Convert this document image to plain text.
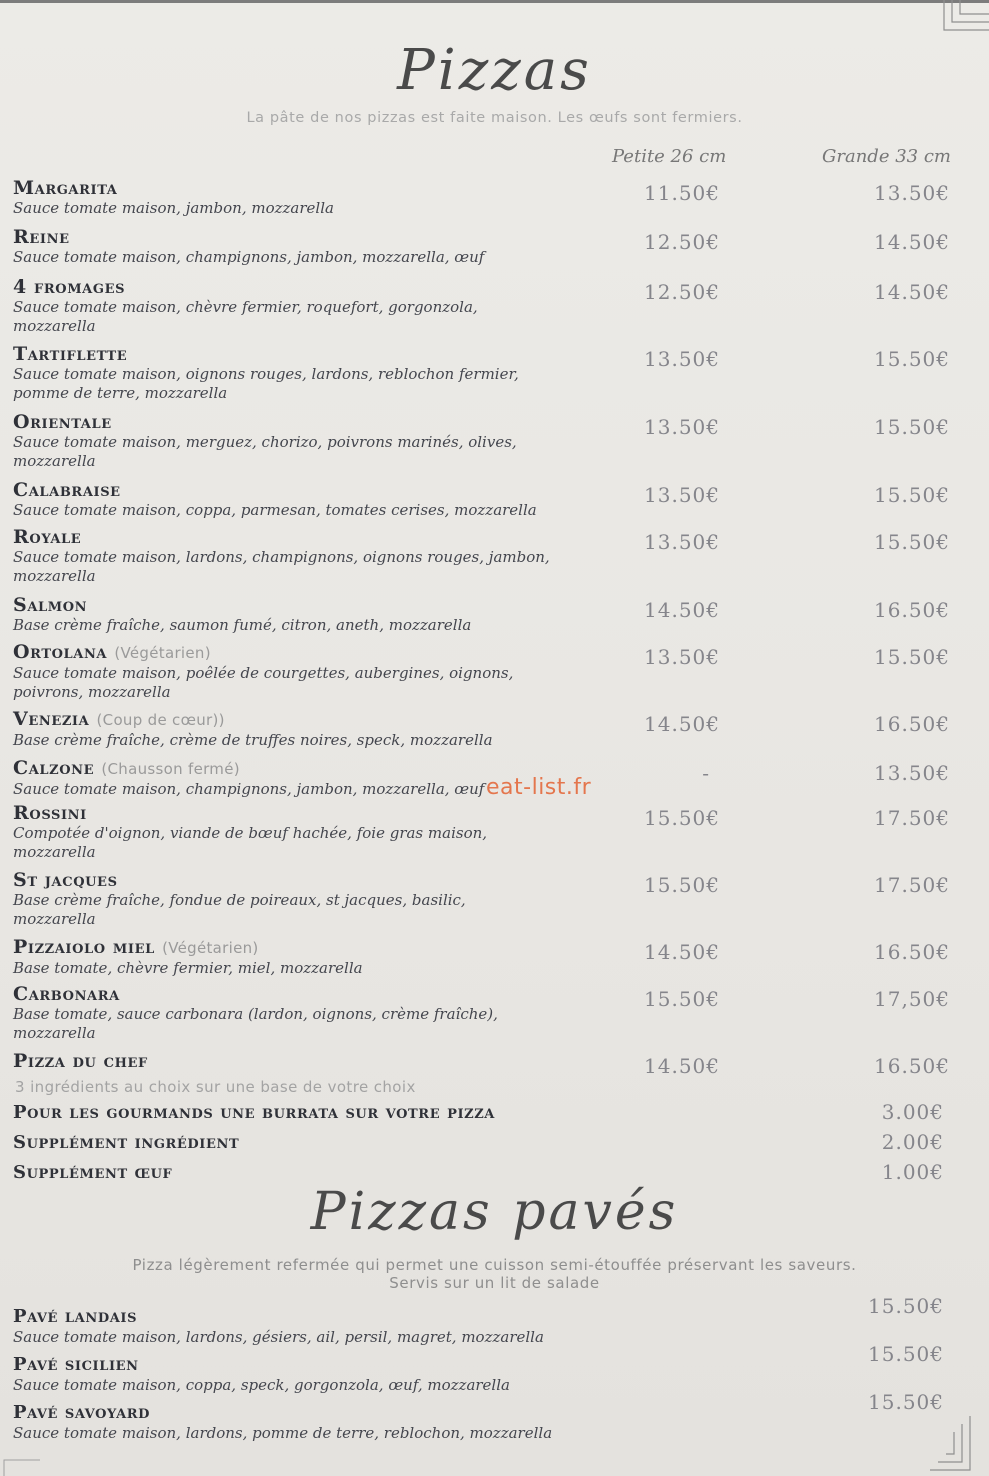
Pizzas
La pâte de nos pizzas est faite maison. Les œufs sont fermiers.
Petite 26 cm	Grande 33 cm
Margarita
Sauce tomate maison, jambon, mozzarella
11.50€	13.50€
Reine
Sauce tomate maison, champignons, jambon, mozzarella, œuf
12.50€	14.50€
4 fromages
Sauce tomate maison, chèvre fermier, roquefort, gorgonzola, mozzarella
12.50€	14.50€
Tartiflette
Sauce tomate maison, oignons rouges, lardons, reblochon fermier, pomme de terre, mozzarella
13.50€	15.50€
Orientale
Sauce tomate maison, merguez, chorizo, poivrons marinés, olives, mozzarella
13.50€	15.50€
Calabraise
Sauce tomate maison, coppa, parmesan, tomates cerises, mozzarella
13.50€	15.50€
Royale
Sauce tomate maison, lardons, champignons, oignons rouges, jambon, mozzarella
13.50€	15.50€
Salmon
Base crème fraîche, saumon fumé, citron, aneth, mozzarella
14.50€	16.50€
Ortolana (Végétarien)
Sauce tomate maison, poêlée de courgettes, aubergines, oignons, poivrons, mozzarella
13.50€	15.50€
Venezia (Coup de cœur))
Base crème fraîche, crème de truffes noires, speck, mozzarella
14.50€	16.50€
Calzone (Chausson fermé)
Sauce tomate maison, champignons, jambon, mozzarella, œuf
-	13.50€
Rossini
Compotée d'oignon, viande de bœuf hachée, foie gras maison, mozzarella
15.50€	17.50€
St jacques
Base crème fraîche, fondue de poireaux, st jacques, basilic, mozzarella
15.50€	17.50€
Pizzaiolo miel (Végétarien)
Base tomate, chèvre fermier, miel, mozzarella
14.50€	16.50€
Carbonara
Base tomate, sauce carbonara (lardon, oignons, crème fraîche), mozzarella
15.50€	17,50€
Pizza du chef	14.50€	16.50€
3 ingrédients au choix sur une base de votre choix
Pour les gourmands une burrata sur votre pizza	3.00€
Supplément ingrédient	2.00€
Supplément œuf	1.00€
Pizzas pavés
Pizza légèrement refermée qui permet une cuisson semi-étouffée préservant les saveurs.
Servis sur un lit de salade
Pavé landais
Sauce tomate maison, lardons, gésiers, ail, persil, magret, mozzarella
15.50€
Pavé sicilien
Sauce tomate maison, coppa, speck, gorgonzola, œuf, mozzarella
15.50€
Pavé savoyard
Sauce tomate maison, lardons, pomme de terre, reblochon, mozzarella
15.50€
eat-list.fr
